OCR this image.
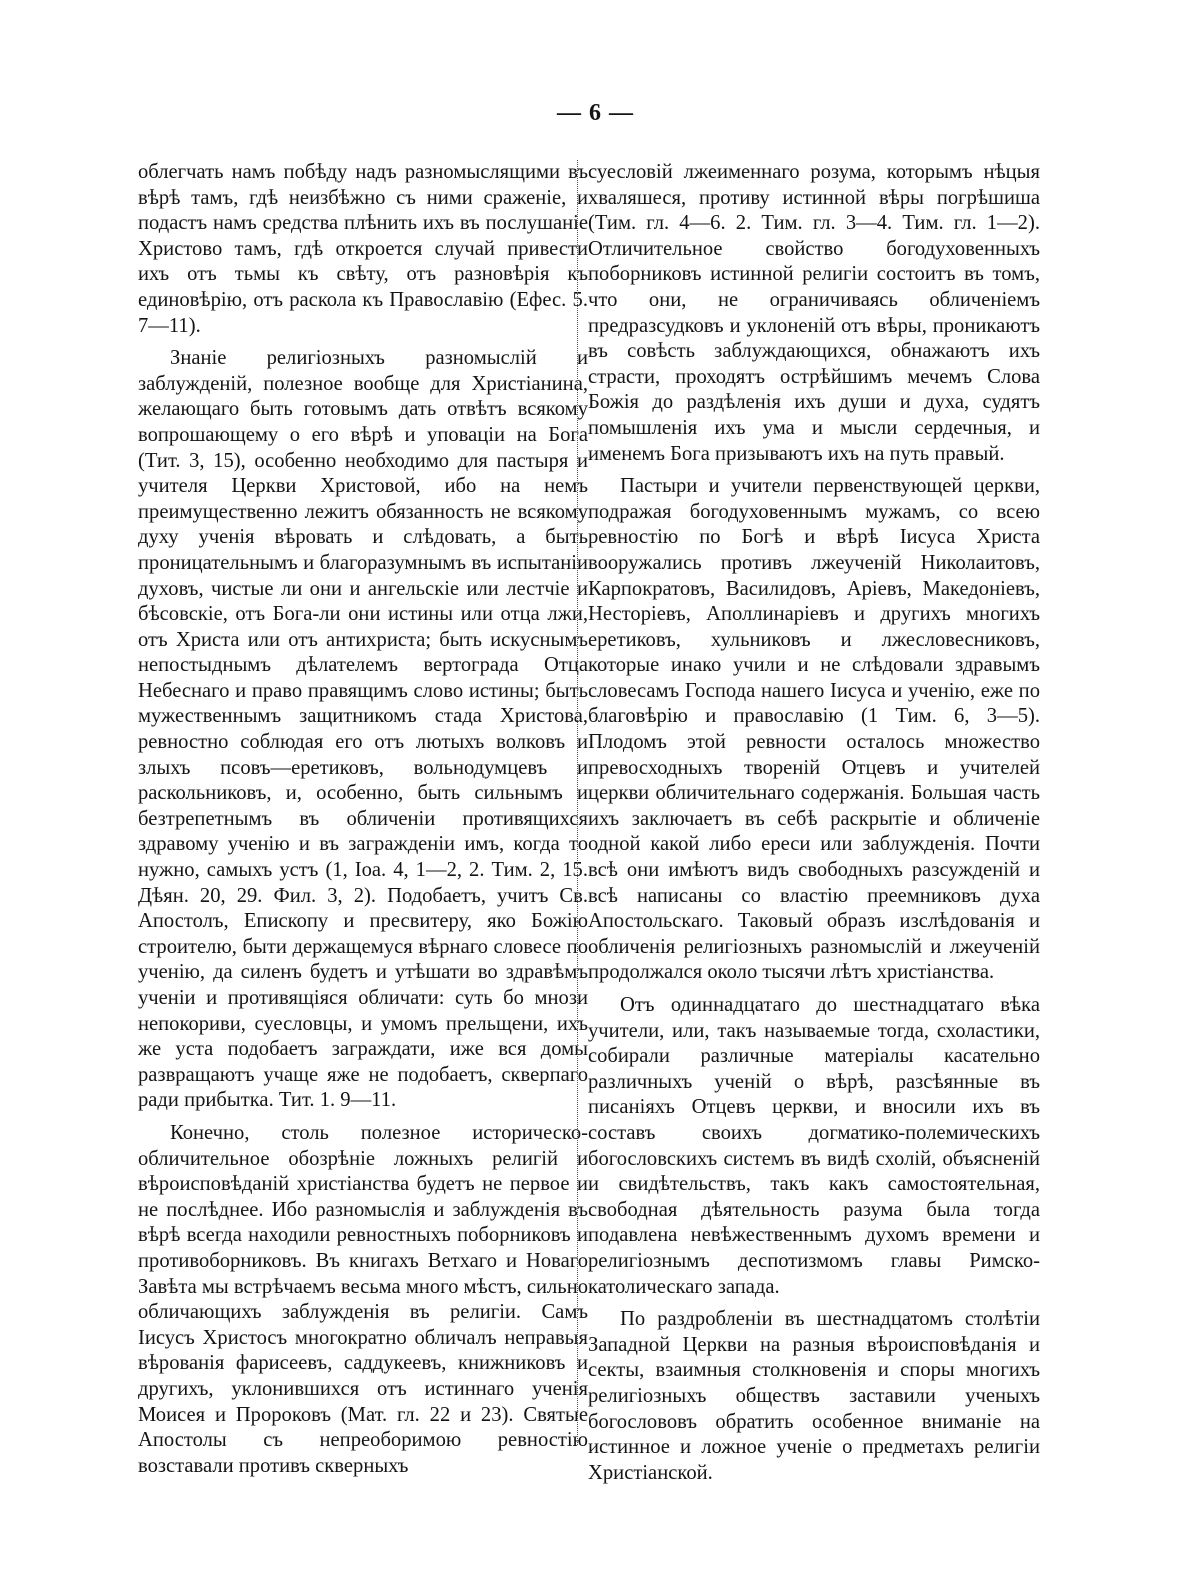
— 6 —

облегчать намъ побѣду надъ разномыслящими въ вѣрѣ тамъ, гдѣ неизбѣжно съ ними сраженіе, и подастъ намъ средства плѣнить ихъ въ послушаніе Христово тамъ, гдѣ откроется случай привести ихъ отъ тьмы къ свѣту, отъ разновѣрія къ единовѣрію, отъ раскола къ Православію (Ефес. 5. 7—11).

Знаніе религіозныхъ разномыслій и заблужденій, полезное вообще для Христіанина, желающаго быть готовымъ дать отвѣтъ всякому вопрошающему о его вѣрѣ и уповаціи на Бога (Тит. 3, 15), особенно необходимо для пастыря и учителя Церкви Христовой, ибо на немъ преимущественно лежитъ обязанность не всякому духу ученія вѣровать и слѣдовать, а быть проницательнымъ и благоразумнымъ въ испытаніи духовъ, чистые ли они и ангельскіе или лестчіе и бѣсовскіе, отъ Бога-ли они истины или отца лжи, отъ Христа или отъ антихриста; быть искуснымъ непостыднымъ дѣлателемъ вертограда Отца Небеснаго и право правящимъ слово истины; быть мужественнымъ защитникомъ стада Христова, ревностно соблюдая его отъ лютыхъ волковъ и злыхъ псовъ—еретиковъ, вольнодумцевъ и раскольниковъ, и, особенно, быть сильнымъ и безтрепетнымъ въ обличеніи противящихся здравому ученію и въ загражденіи имъ, когда то нужно, самыхъ устъ (1, Іоа. 4, 1—2, 2. Тим. 2, 15. Дѣян. 20, 29. Фил. 3, 2). Подобаетъ, учитъ Св. Апостолъ, Епископу и пресвитеру, яко Божію строителю, быти держащемуся вѣрнаго словесе по ученію, да силенъ будетъ и утѣшати во здравѣмъ ученіи и противящіяся обличати: суть бо мнози непокориви, суесловцы, и умомъ прельщени, ихъ же уста подобаетъ заграждати, иже вся домы развращаютъ учаще яже не подобаетъ, скверпаго ради прибытка. Тит. 1. 9—11.

Конечно, столь полезное историческо-обличительное обозрѣніе ложныхъ религій и вѣроисповѣданій христіанства будетъ не первое и не послѣднее. Ибо разномыслія и заблужденія въ вѣрѣ всегда находили ревностныхъ поборниковъ и противоборниковъ. Въ книгахъ Ветхаго и Новаго Завѣта мы встрѣчаемъ весьма много мѣстъ, сильно обличающихъ заблужденія въ религіи. Самъ Іисусъ Христосъ многократно обличалъ неправыя вѣрованія фарисеевъ, саддукеевъ, книжниковъ и другихъ, уклонившихся отъ истиннаго ученія Моисея и Пророковъ (Мат. гл. 22 и 23). Святые Апостолы съ непреоборимою ревностію возставали противъ скверныхъ

суесловій лжеименнаго розума, которымъ нѣцыя хваляшеся, противу истинной вѣры погрѣшиша (Тим. гл. 4—6. 2. Тим. гл. 3—4. Тим. гл. 1—2). Отличительное свойство богодуховенныхъ поборниковъ истинной религіи состоитъ въ томъ, что они, не ограничиваясь обличеніемъ предразсудковъ и уклоненій отъ вѣры, проникаютъ въ совѣсть заблуждающихся, обнажаютъ ихъ страсти, проходятъ острѣйшимъ мечемъ Слова Божія до раздѣленія ихъ души и духа, судятъ помышленія ихъ ума и мысли сердечныя, и именемъ Бога призываютъ ихъ на путь правый.

Пастыри и учители первенствующей церкви, подражая богодуховеннымъ мужамъ, со всею ревностію по Богѣ и вѣрѣ Іисуса Христа вооружались противъ лжеученій Николаитовъ, Карпократовъ, Василидовъ, Аріевъ, Македоніевъ, Несторіевъ, Аполлинаріевъ и другихъ многихъ еретиковъ, хульниковъ и лжесловесниковъ, которые инако учили и не слѣдовали здравымъ словесамъ Господа нашего Іисуса и ученію, еже по благовѣрію и православію (1 Тим. 6, 3—5). Плодомъ этой ревности осталось множество превосходныхъ твореній Отцевъ и учителей церкви обличительнаго содержанія. Большая часть ихъ заключаетъ въ себѣ раскрытіе и обличеніе одной какой либо ереси или заблужденія. Почти всѣ они имѣютъ видъ свободныхъ разсужденій и всѣ написаны со властію преемниковъ духа Апостольскаго. Таковый образъ изслѣдованія и обличенія религіозныхъ разномыслій и лжеученій продолжался около тысячи лѣтъ христіанства.

Отъ одиннадцатаго до шестнадцатаго вѣка учители, или, такъ называемые тогда, схоластики, собирали различные матеріалы касательно различныхъ ученій о вѣрѣ, разсѣянные въ писаніяхъ Отцевъ церкви, и вносили ихъ въ составъ своихъ догматико-полемическихъ богословскихъ системъ въ видѣ схолій, объясненій и свидѣтельствъ, такъ какъ самостоятельная, свободная дѣятельность разума была тогда подавлена невѣжественнымъ духомъ времени и религіознымъ деспотизмомъ главы Римско-католическаго запада.

По раздробленіи въ шестнадцатомъ столѣтіи Западной Церкви на разныя вѣроисповѣданія и секты, взаимныя столкновенія и споры многихъ религіозныхъ обществъ заставили ученыхъ богослововъ обратить особенное вниманіе на истинное и ложное ученіе о предметахъ религіи Христіанской.
